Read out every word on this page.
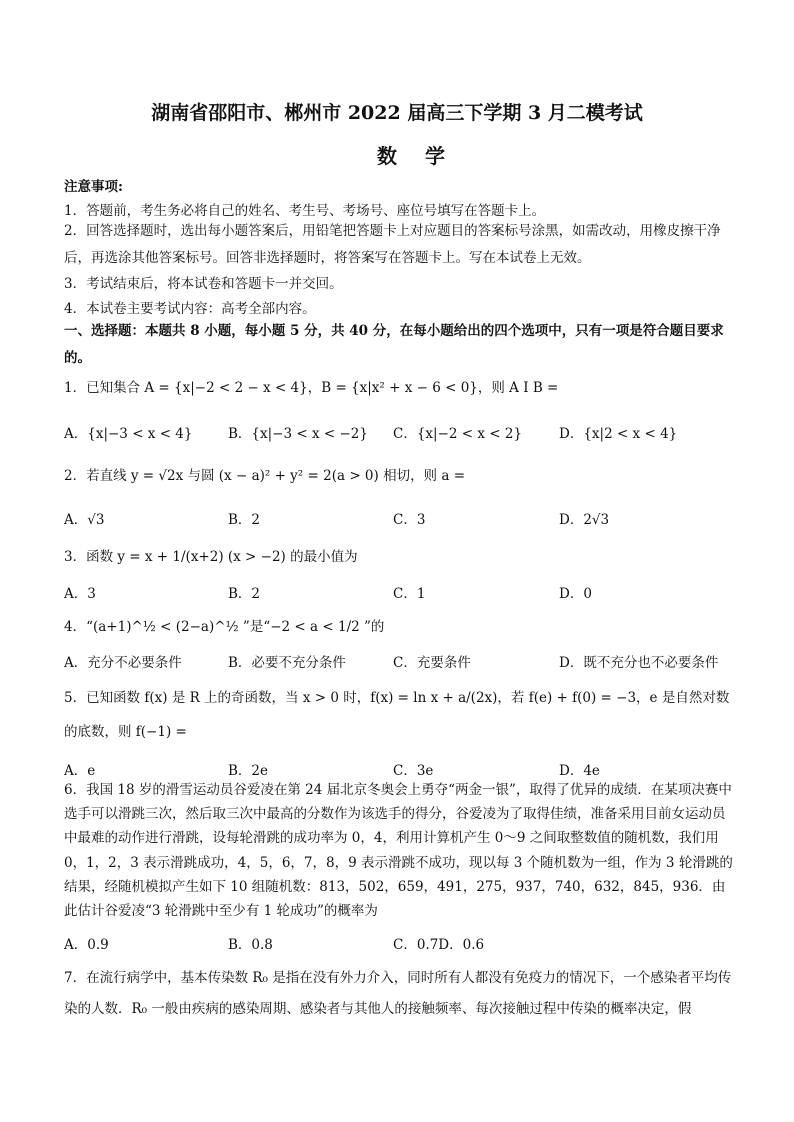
湖南省邵阳市、郴州市 2022 届高三下学期 3 月二模考试
数学
注意事项:
1．答题前，考生务必将自己的姓名、考生号、考场号、座位号填写在答题卡上。
2．回答选择题时，选出每小题答案后，用铅笔把答题卡上对应题目的答案标号涂黑，如需改动，用橡皮擦干净后，再选涂其他答案标号。回答非选择题时，将答案写在答题卡上。写在本试卷上无效。
3．考试结束后，将本试卷和答题卡一并交回。
4．本试卷主要考试内容：高考全部内容。
一、选择题：本题共 8 小题，每小题 5 分，共 40 分，在每小题给出的四个选项中，只有一项是符合题目要求的。
1．已知集合 A = {x|−2 < 2 − x < 4}，B = {x|x² + x − 6 < 0}，则 A I B =
A．{x|−3 < x < 4}	B．{x|−3 < x < −2} C．{x|−2 < x < 2}	D．{x|2 < x < 4}
2．若直线 y = √2x 与圆 (x − a)² + y² = 2(a > 0) 相切，则 a =
A．√3	B．2	C．3	D．2√3
3．函数 y = x + 1/(x+2) (x > −2) 的最小值为
A．3	B．2	C．1	D．0
4．“(a+1)^½ < (2−a)^½ ”是“−2 < a < 1/2 ”的
A．充分不必要条件	B．必要不充分条件	C．充要条件	D．既不充分也不必要条件
5．已知函数 f(x) 是 R 上的奇函数，当 x > 0 时，f(x) = ln x + a/(2x)，若 f(e) + f(0) = −3，e 是自然对数
的底数，则 f(−1) =
A．e	B．2e	C．3e	D．4e
6．我国 18 岁的滑雪运动员谷爱凌在第 24 届北京冬奥会上勇夺“两金一银”，取得了优异的成绩．在某项决赛中选手可以滑跳三次，然后取三次中最高的分数作为该选手的得分，谷爱凌为了取得佳绩，准备采用目前女运动员中最难的动作进行滑跳，设每轮滑跳的成功率为 0，4，利用计算机产生 0～9 之间取整数值的随机数，我们用 0，1，2，3 表示滑跳成功，4，5，6，7，8，9 表示滑跳不成功，现以每 3 个随机数为一组，作为 3 轮滑跳的结果，经随机模拟产生如下 10 组随机数：813，502，659，491，275，937，740，632，845，936．由此估计谷爱凌“3 轮滑跳中至少有 1 轮成功”的概率为
A．0.9	B．0.8	C．0.7D．0.6
7．在流行病学中，基本传染数 R₀ 是指在没有外力介入，同时所有人都没有免疫力的情况下，一个感染者平均传染的人数．R₀ 一般由疾病的感染周期、感染者与其他人的接触频率、每次接触过程中传染的概率决定，假
